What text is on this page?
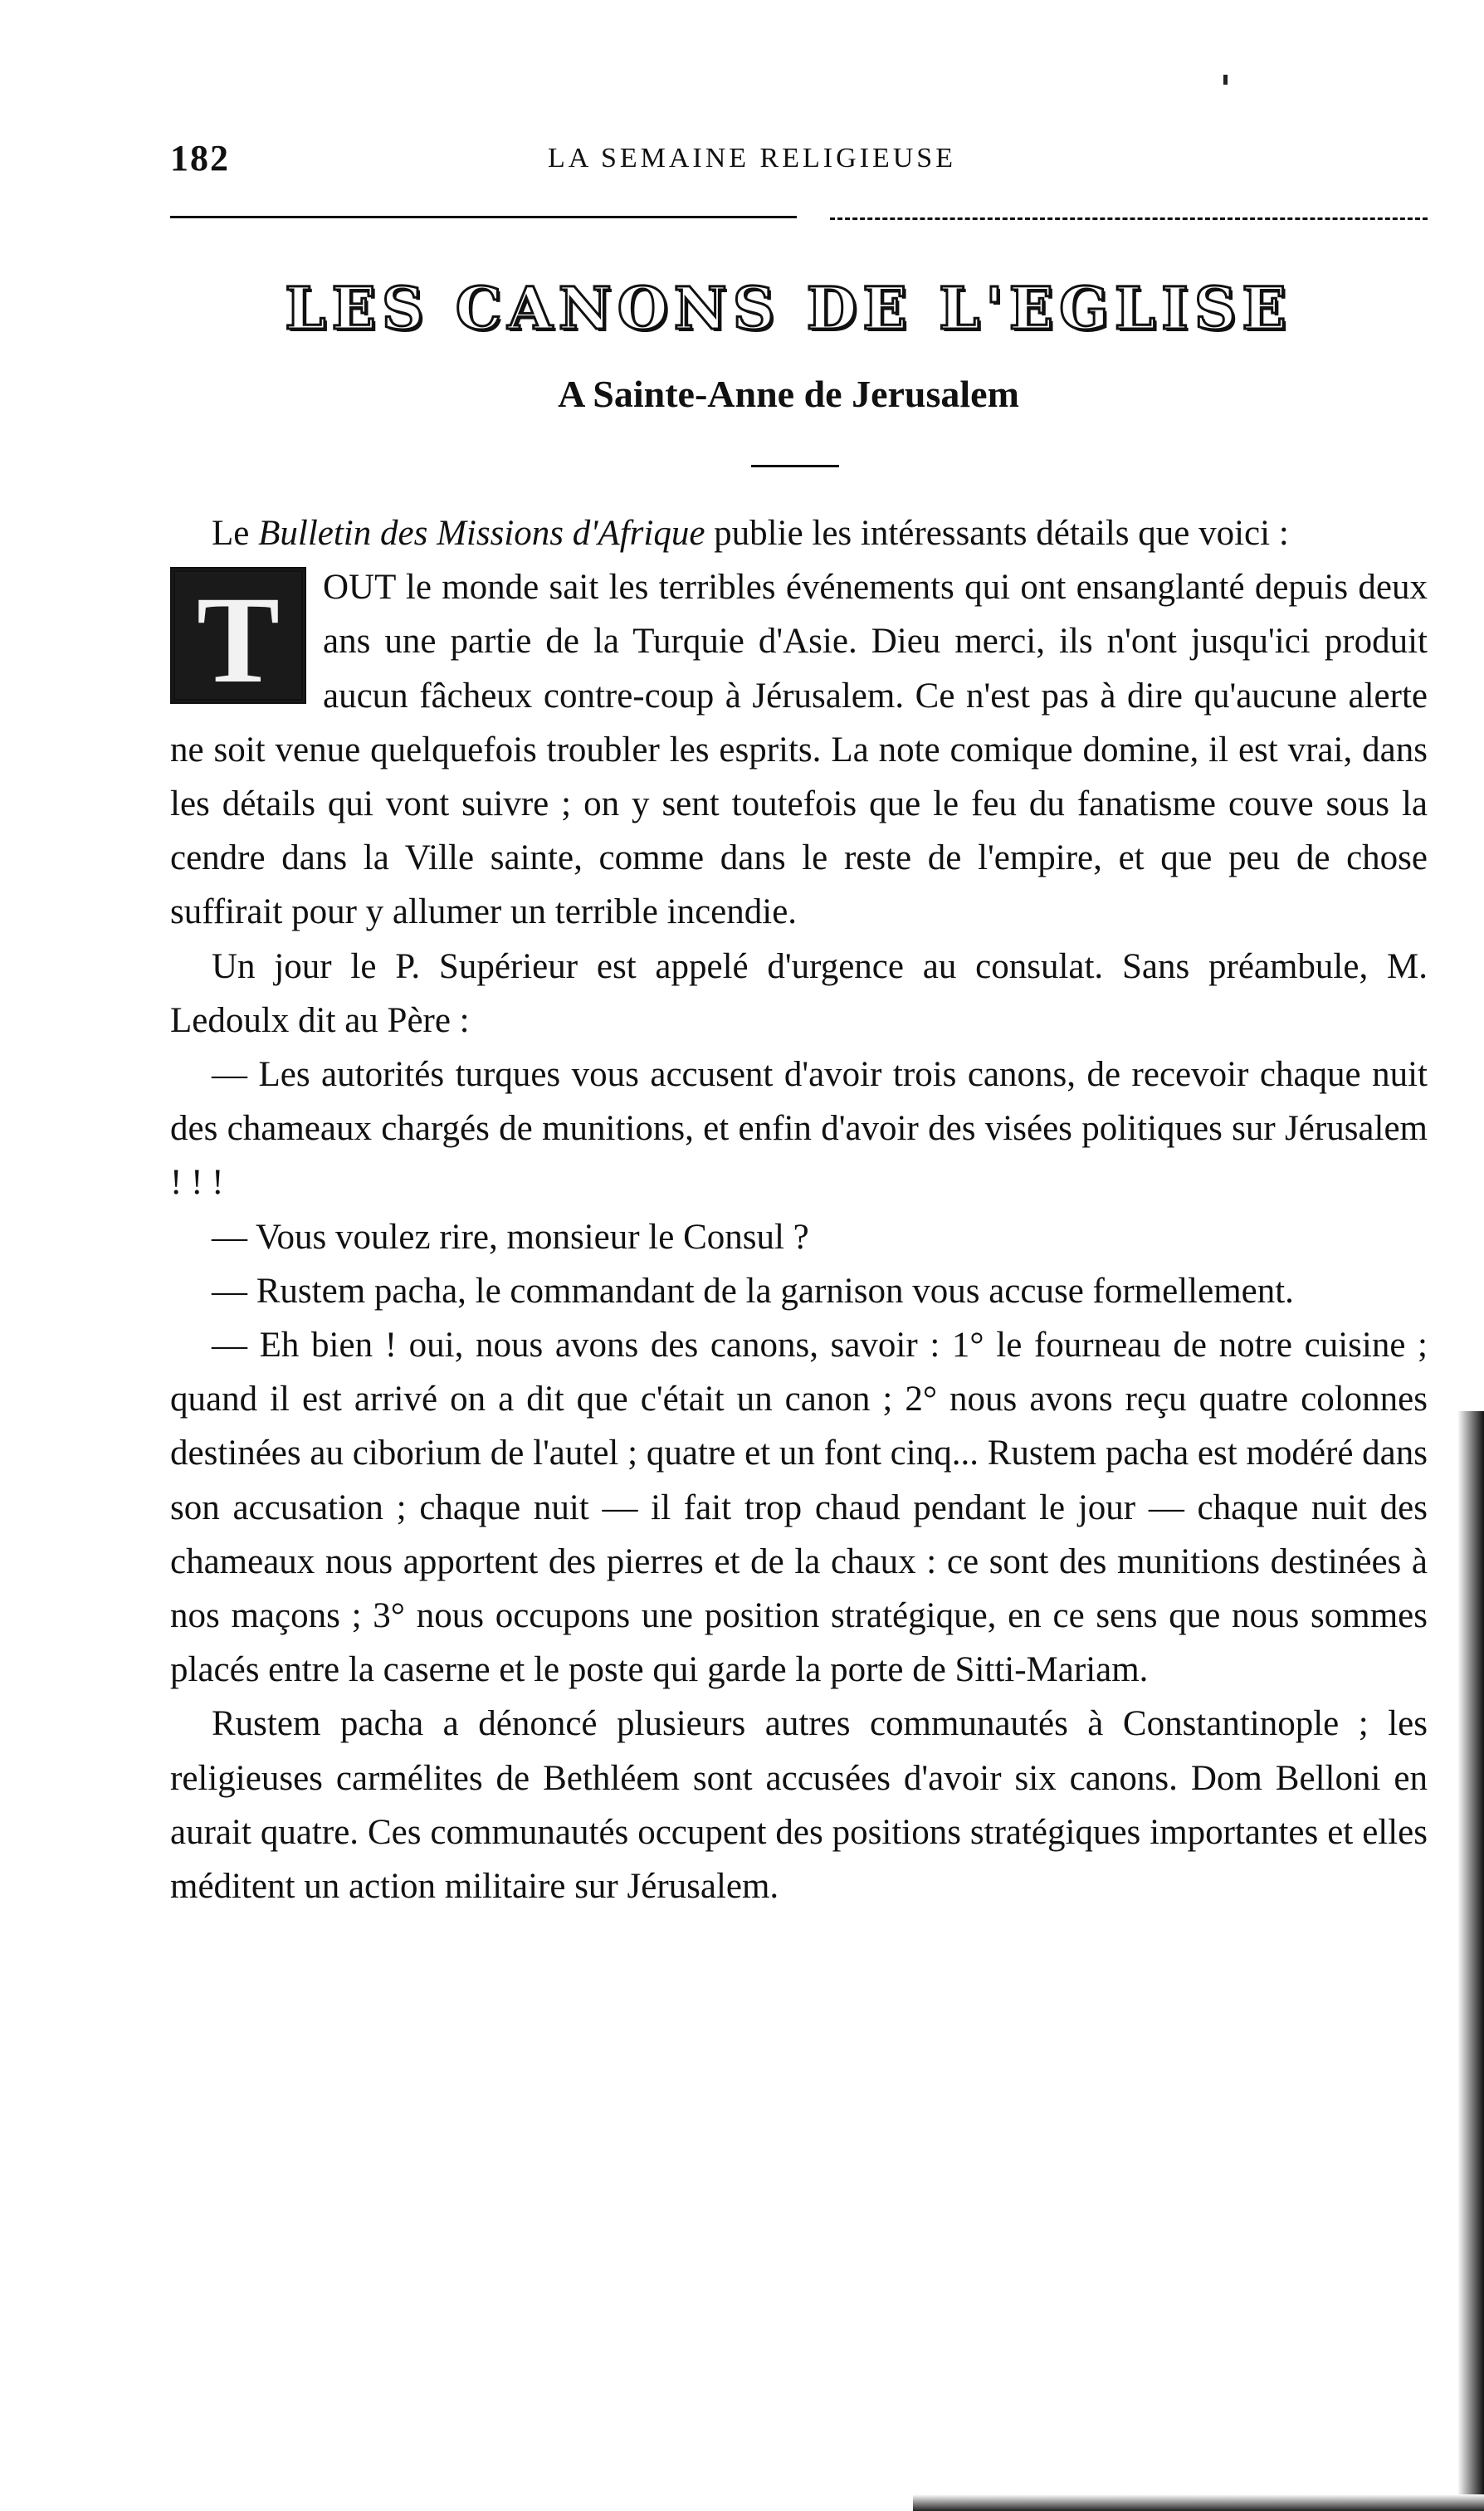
182	LA SEMAINE RELIGIEUSE
LES CANONS DE L'EGLISE
A Sainte-Anne de Jerusalem

Le Bulletin des Missions d'Afrique publie les intéressants détails que voici :

T	OUT le monde sait les terribles événements qui ont ensanglanté depuis deux ans une partie de la Turquie d'Asie. Dieu merci, ils n'ont jusqu'ici produit aucun fâcheux contre-coup à Jérusalem. Ce n'est pas à dire qu'aucune alerte ne soit venue quelquefois troubler les esprits. La note comique domine, il est vrai, dans les détails qui vont suivre ; on y sent toutefois que le feu du fanatisme couve sous la cendre dans la Ville sainte, comme dans le reste de l'empire, et que peu de chose suffirait pour y allumer un terrible incendie.

Un jour le P. Supérieur est appelé d'urgence au consulat. Sans préambule, M. Ledoulx dit au Père :

— Les autorités turques vous accusent d'avoir trois canons, de recevoir chaque nuit des chameaux chargés de munitions, et enfin d'avoir des visées politiques sur Jérusalem ! ! !

— Vous voulez rire, monsieur le Consul ?

— Rustem pacha, le commandant de la garnison vous accuse formellement.

— Eh bien ! oui, nous avons des canons, savoir : 1° le fourneau de notre cuisine ; quand il est arrivé on a dit que c'était un canon ; 2° nous avons reçu quatre colonnes destinées au ciborium de l'autel ; quatre et un font cinq... Rustem pacha est modéré dans son accusation ; chaque nuit — il fait trop chaud pendant le jour — chaque nuit des chameaux nous apportent des pierres et de la chaux : ce sont des munitions destinées à nos maçons ; 3° nous occupons une position stratégique, en ce sens que nous sommes placés entre la caserne et le poste qui garde la porte de Sitti-Mariam.

Rustem pacha a dénoncé plusieurs autres communautés à Constantinople ; les religieuses carmélites de Bethléem sont accusées d'avoir six canons. Dom Belloni en aurait quatre. Ces communautés occupent des positions stratégiques importantes et elles méditent un action militaire sur Jérusalem.
